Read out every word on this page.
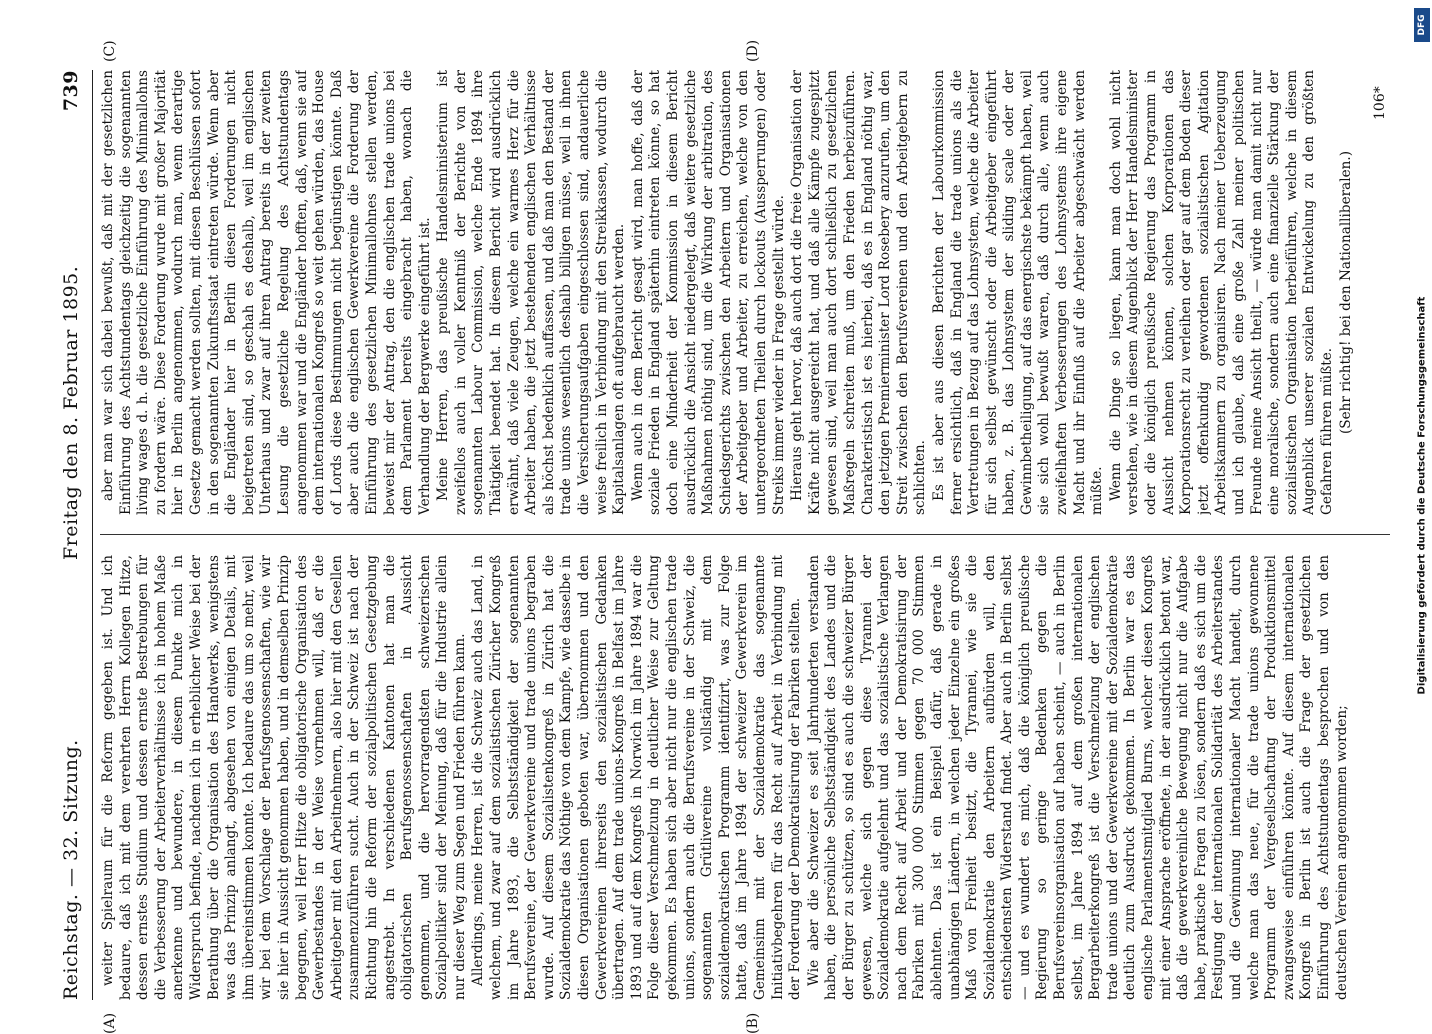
Reichstag. — 32. Sitzung.
Freitag den 8. Februar 1895.
739
(A)	(B)
(C)	(D)

weiter Spielraum für die Reform gegeben ist. Und ich bedaure, daß ich mit dem verehrten Herrn Kollegen Hitze, dessen ernstes Studium und dessen ernste Bestrebungen für die Verbesserung der Arbeiterverhältnisse ich in hohem Maße anerkenne und bewundere, in diesem Punkte mich in Widerspruch befinde, nachdem ich in erheblicher Weise bei der Berathung über die Organisation des Handwerks, wenigstens was das Prinzip anlangt, abgesehen von einigen Details, mit ihm übereinstimmen konnte. Ich bedaure das um so mehr, weil wir bei dem Vorschlage der Berufsgenossenschaften, wie wir sie hier in Aussicht genommen haben, und in demselben Prinzip begegnen, weil Herr Hitze die obligatorische Organisation des Gewerbestandes in der Weise vornehmen will, daß er die Arbeitgeber mit den Arbeitnehmern, also hier mit den Gesellen zusammenzuführen sucht. Auch in der Schweiz ist nach der Richtung hin die Reform der sozialpolitischen Gesetzgebung angestrebt. In verschiedenen Kantonen hat man die obligatorischen Berufsgenossenschaften in Aussicht genommen, und die hervorragendsten schweizerischen Sozialpolitiker sind der Meinung, daß für die Industrie allein nur dieser Weg zum Segen und Frieden führen kann. Allerdings, meine Herren, ist die Schweiz auch das Land, in welchem, und zwar auf dem sozialistischen Züricher Kongreß im Jahre 1893, die Selbstständigkeit der sogenannten Berufsvereine, der Gewerkvereine und trade unions begraben wurde. Auf diesem Sozialistenkongreß in Zürich hat die Sozialdemokratie das Nöthige von dem Kampfe, wie dasselbe in diesen Organisationen geboten war, übernommen und den Gewerkvereinen ihrerseits den sozialistischen Gedanken übertragen. Auf dem trade unions-Kongreß in Belfast im Jahre 1893 und auf dem Kongreß in Norwich im Jahre 1894 war die Folge dieser Verschmelzung in deutlicher Weise zur Geltung gekommen. Es haben sich aber nicht nur die englischen trade unions, sondern auch die Berufsvereine in der Schweiz, die sogenannten Grütlivereine vollständig mit dem sozialdemokratischen Programm identifizirt, was zur Folge hatte, daß im Jahre 1894 der schweizer Gewerkverein im Gemeinsinn mit der Sozialdemokratie das sogenannte Initiativbegehren für das Recht auf Arbeit in Verbindung mit der Forderung der Demokratisirung der Fabriken stellten. Wie aber die Schweizer es seit Jahrhunderten verstanden haben, die persönliche Selbstständigkeit des Landes und die der Bürger zu schützen, so sind es auch die schweizer Bürger gewesen, welche sich gegen diese Tyrannei der Sozialdemokratie aufgelehnt und das sozialistische Verlangen nach dem Recht auf Arbeit und der Demokratisirung der Fabriken mit 300 000 Stimmen gegen 70 000 Stimmen ablehnten. Das ist ein Beispiel dafür, daß gerade in unabhängigen Ländern, in welchen jeder Einzelne ein großes Maß von Freiheit besitzt, die Tyrannei, wie sie die Sozialdemokratie den Arbeitern aufbürden will, den entschiedensten Widerstand findet. Aber auch in Berlin selbst — und es wundert es mich, daß die königlich preußische Regierung so geringe Bedenken gegen die Berufsvereinsorganisation auf haben scheint, — auch in Berlin selbst, im Jahre 1894 auf dem großen internationalen Bergarbeiterkongreß ist die Verschmelzung der englischen trade unions und der Gewerkvereine mit der Sozialdemokratie deutlich zum Ausdruck gekommen. In Berlin war es das englische Parlamentsmitglied Burns, welcher diesen Kongreß mit einer Ansprache eröffnete, in der ausdrücklich betont war, daß die gewerkvereinliche Bewegung nicht nur die Aufgabe habe, praktische Fragen zu lösen, sondern daß es sich um die Festigung der internationalen Solidarität des Arbeiterstandes und die Gewinnung internationaler Macht handelt, durch welche man das neue, für die trade unions gewonnene Programm der Vergesellschaftung der Produktionsmittel zwangsweise einführen könnte. Auf diesem internationalen Kongreß in Berlin ist auch die Frage der gesetzlichen Einführung des Achtstundentags besprochen und von den deutschen Vereinen angenommen worden;

aber man war sich dabei bewußt, daß mit der gesetzlichen Einführung des Achtstundentags gleichzeitig die sogenannten living wages d. h. die gesetzliche Einführung des Minimallohns zu fordern wäre. Diese Forderung wurde mit großer Majorität hier in Berlin angenommen, wodurch man, wenn derartige Gesetze gemacht werden sollten, mit diesen Beschlüssen sofort in den sogenannten Zukunftsstaat eintreten würde. Wenn aber die Engländer hier in Berlin diesen Forderungen nicht beigetreten sind, so geschah es deshalb, weil im englischen Unterhaus und zwar auf ihren Antrag bereits in der zweiten Lesung die gesetzliche Regelung des Achtstundentags angenommen war und die Engländer hofften, daß, wenn sie auf dem internationalen Kongreß so weit gehen würden, das House of Lords diese Bestimmungen nicht begünstigen könnte. Daß aber auch die englischen Gewerkvereine die Forderung der Einführung des gesetzlichen Minimallohnes stellen werden, beweist mir der Antrag, den die englischen trade unions bei dem Parlament bereits eingebracht haben, wonach die Verhandlung der Bergwerke eingeführt ist. Meine Herren, das preußische Handelsministerium ist zweifellos auch in voller Kenntniß der Berichte von der sogenannten Labour Commission, welche Ende 1894 ihre Thätigkeit beendet hat. In diesem Bericht wird ausdrücklich erwähnt, daß viele Zeugen, welche ein warmes Herz für die Arbeiter haben, die jetzt bestehenden englischen Verhältnisse als höchst bedenklich auffassen, und daß man den Bestand der trade unions wesentlich deshalb billigen müsse, weil in ihnen die Versicherungsaufgaben eingeschlossen sind, andauerliche weise freilich in Verbindung mit den Streikkassen, wodurch die Kapitalsanlagen oft aufgebraucht werden. Wenn auch in dem Bericht gesagt wird, man hoffe, daß der soziale Frieden in England späterhin eintreten könne, so hat doch eine Minderheit der Kommission in diesem Bericht ausdrücklich die Ansicht niedergelegt, daß weitere gesetzliche Maßnahmen nöthig sind, um die Wirkung der arbitration, des Schiedsgerichts zwischen den Arbeitern und Organisationen der Arbeitgeber und Arbeiter, zu erreichen, welche von den untergeordneten Theilen durch lockouts (Aussperrungen) oder Streiks immer wieder in Frage gestellt würde. Hieraus geht hervor, daß auch dort die freie Organisation der Kräfte nicht ausgereicht hat, und daß alle Kämpfe zugespitzt gewesen sind, weil man auch dort schließlich zu gesetzlichen Maßregeln schreiten muß, um den Frieden herbeizuführen. Charakteristisch ist es hierbei, daß es in England nöthig war, den jetzigen Premierminister Lord Rosebery anzurufen, um den Streit zwischen den Berufsvereinen und den Arbeitgebern zu schlichten. Es ist aber aus diesen Berichten der Labourkommission ferner ersichtlich, daß in England die trade unions als die Vertretungen in Bezug auf das Lohnsystem, welche die Arbeiter für sich selbst gewünscht oder die Arbeitgeber eingeführt haben, z. B. das Lohnsystem der sliding scale oder der Gewinnbetheiligung, auf das energischste bekämpft haben, weil sie sich wohl bewußt waren, daß durch alle, wenn auch zweifelhaften Verbesserungen des Lohnsystems ihre eigene Macht und ihr Einfluß auf die Arbeiter abgeschwächt werden müßte. Wenn die Dinge so liegen, kann man doch wohl nicht verstehen, wie in diesem Augenblick der Herr Handelsminister oder die königlich preußische Regierung das Programm in Aussicht nehmen können, solchen Korporationen das Korporationsrecht zu verleihen oder gar auf dem Boden dieser jetzt offenkundig gewordenen sozialistischen Agitation Arbeitskammern zu organisiren. Nach meiner Ueberzeugung und ich glaube, daß eine große Zahl meiner politischen Freunde meine Ansicht theilt, — würde man damit nicht nur eine moralische, sondern auch eine finanzielle Stärkung der sozialistischen Organisation herbeiführen, welche in diesem Augenblick unserer sozialen Entwickelung zu den größten Gefahren führen müßte. (Sehr richtig! bei den Nationalliberalen.)

106*
Digitalisierung gefördert durch die Deutsche Forschungsgemeinschaft
DFG
